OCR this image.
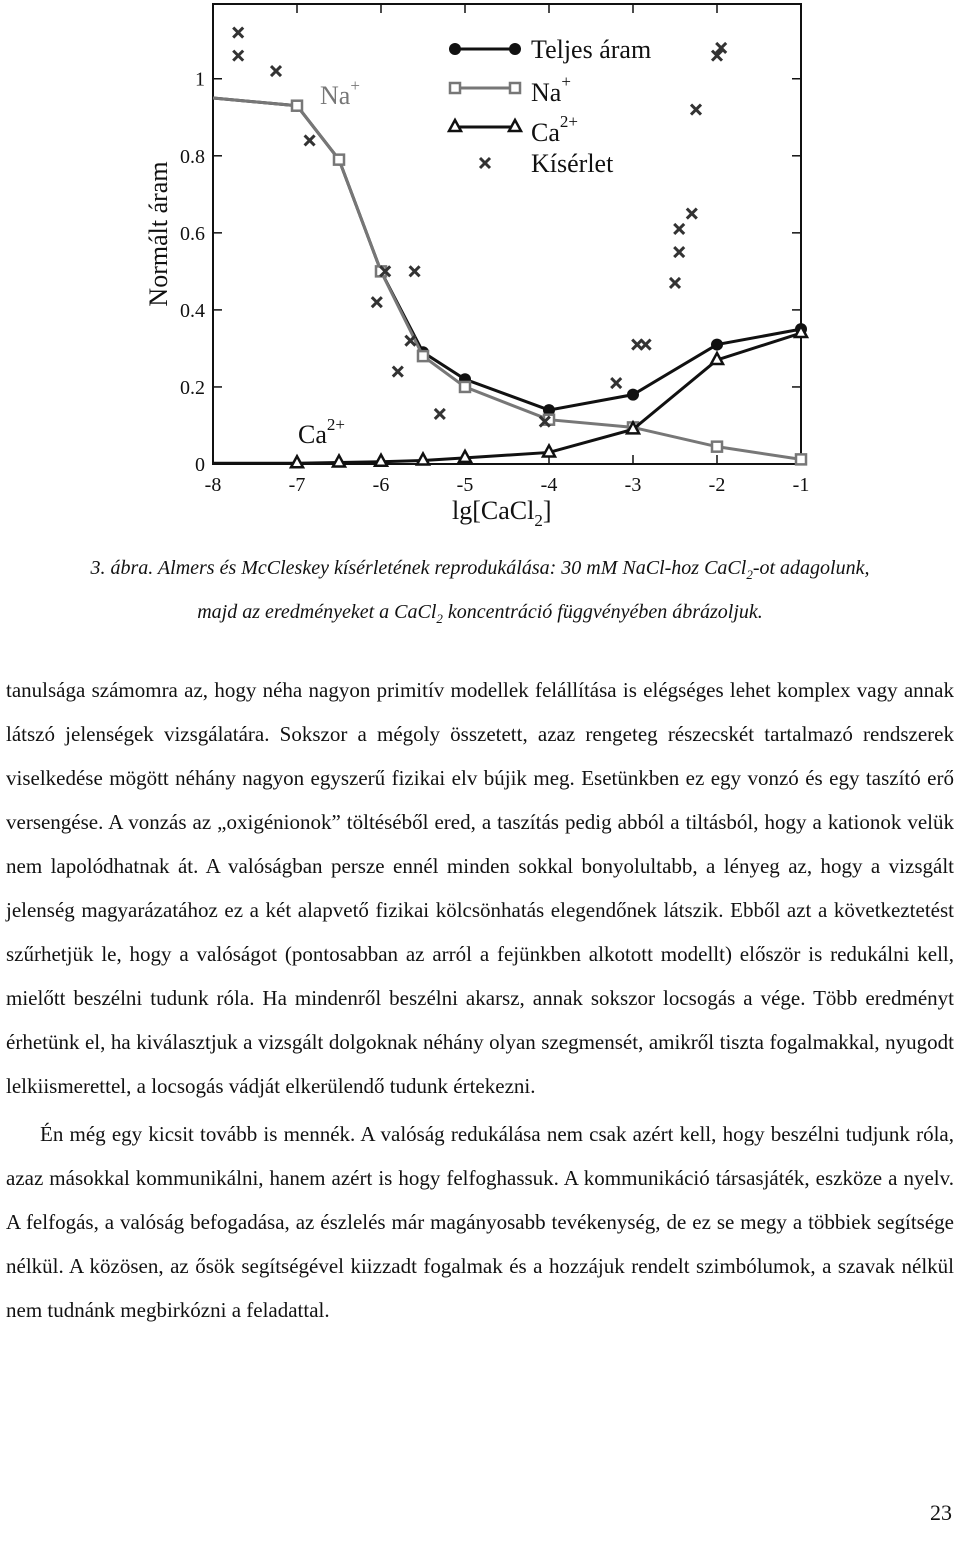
-8	-7	-6	-5	-4	-3	-2	-1
0
0.2
0.4
0.6
0.8
1
Normált áram
lg[CaCl$_2$]
Na+
$Ca^{2+}$
Teljes áram
Na+
$Ca^{2+}$
Kísérlet
3. ábra. Almers és McCleskey kísérletének reprodukálása: 30 mM NaCl-hoz CaCl$_2$-ot adagolunk,
majd az eredményeket a CaCl$_2$ koncentráció függvényében ábrázoljuk.

tanulsága számomra az, hogy néha nagyon primitív modellek felállítása is elégséges lehet komplex vagy annak látszó jelenségek vizsgálatára. Sokszor a mégoly összetett, azaz rengeteg részecskét tartalmazó rendszerek viselkedése mögött néhány nagyon egyszerű fizikai elv bújik meg. Esetünkben ez egy vonzó és egy taszító erő versengése. A vonzás az „oxigénionok” töltéséből ered, a taszítás pedig abból a tiltásból, hogy a kationok velük nem lapolódhatnak át. A valóságban persze ennél minden sokkal bonyolultabb, a lényeg az, hogy a vizsgált jelenség magyarázatához ez a két alapvető fizikai kölcsönhatás elegendőnek látszik. Ebből azt a következtetést szűrhetjük le, hogy a valóságot (pontosabban az arról a fejünkben alkotott modellt) először is redukálni kell, mielőtt beszélni tudunk róla. Ha mindenről beszélni akarsz, annak sokszor locsogás a vége. Több eredményt érhetünk el, ha kiválasztjuk a vizsgált dolgoknak néhány olyan szegmensét, amikről tiszta fogalmakkal, nyugodt lelkiismerettel, a locsogás vádját elkerülendő tudunk értekezni.

Én még egy kicsit tovább is mennék. A valóság redukálása nem csak azért kell, hogy beszélni tudjunk róla, azaz másokkal kommunikálni, hanem azért is hogy felfoghassuk. A kommunikáció társasjáték, eszköze a nyelv. A felfogás, a valóság befogadása, az észlelés már magányosabb tevékenység, de ez se megy a többiek segítsége nélkül. A közösen, az ősök segítségével kiizzadt fogalmak és a hozzájuk rendelt szimbólumok, a szavak nélkül nem tudnánk megbirkózni a feladattal.

23
